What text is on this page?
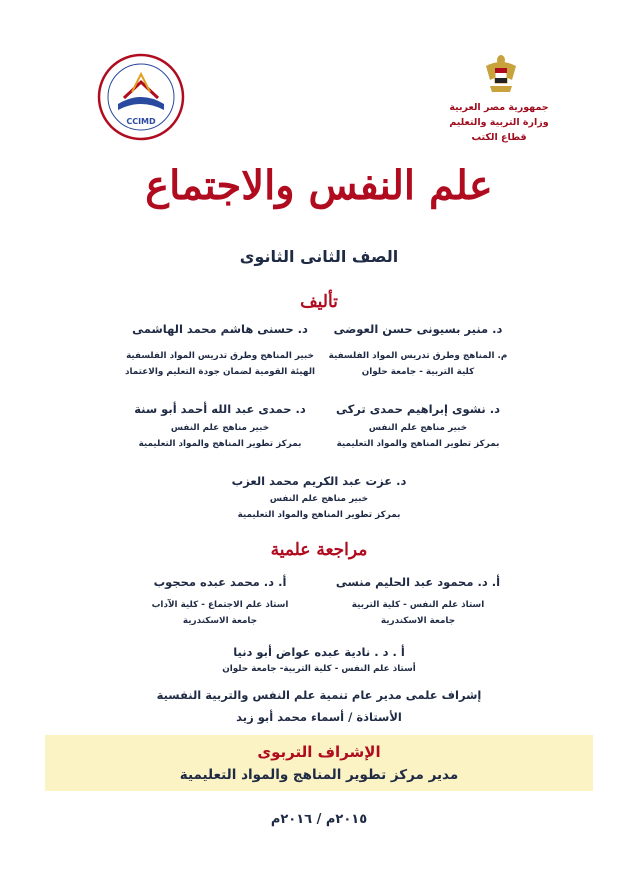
جمهورية مصر العربية
وزارة التربية والتعليم
قطاع الكتب
CCIMD
علم النفس والاجتماع
الصف الثانى الثانوى
تأليف
د. منير بسيونى حسن العوضى
م. المناهج وطرق تدريس المواد الفلسفية
كلية التربية - جامعة حلوان
د. حسنى هاشم محمد الهاشمى
خبير المناهج وطرق تدريس المواد الفلسفية
الهيئة القومية لضمان جودة التعليم والاعتماد
د. نشوى إبراهيم حمدى تركى
خبير مناهج علم النفس
بمركز تطوير المناهج والمواد التعليمية
د. حمدى عبد الله أحمد أبو سنة
خبير مناهج علم النفس
بمركز تطوير المناهج والمواد التعليمية
د. عزت عبد الكريم محمد العزب
خبير مناهج علم النفس
بمركز تطوير المناهج والمواد التعليمية
مراجعة علمية
أ. د. محمود عبد الحليم منسى
استاذ علم النفس - كلية التربية
جامعة الاسكندرية
أ. د. محمد عبده محجوب
استاذ علم الاجتماع - كلية الآداب
جامعة الاسكندرية
أ . د . نادية عبده عواض أبو دنيا
أستاذ علم النفس - كلية التربية- جامعة حلوان
إشراف علمى مدير عام تنمية علم النفس والتربية النفسية
الأستاذة / أسماء محمد أبو زيد
الإشراف التربوى
مدير مركز تطوير المناهج والمواد التعليمية
٢٠١٥م / ٢٠١٦م
